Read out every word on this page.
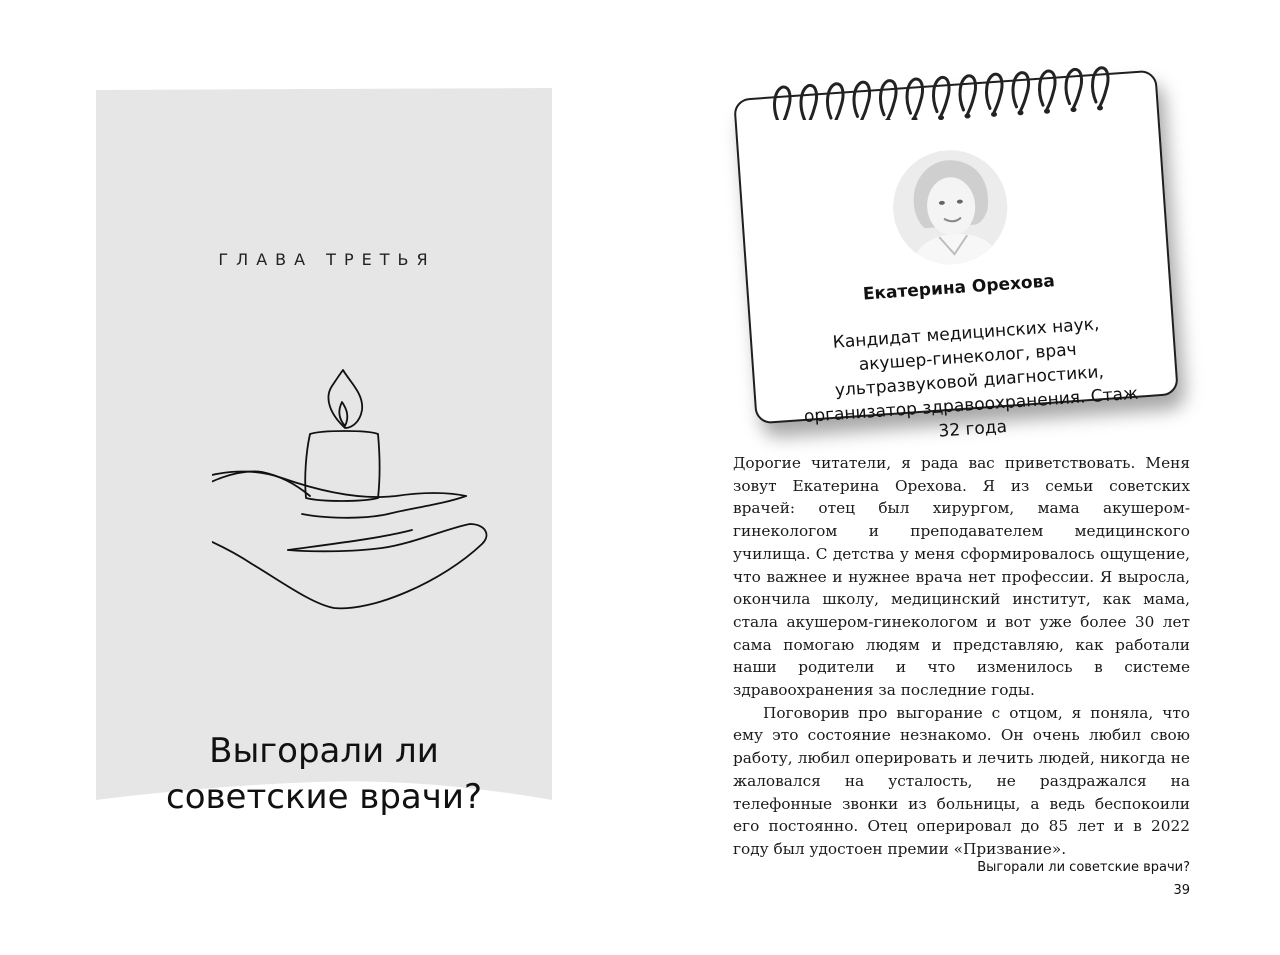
ГЛАВА ТРЕТЬЯ
Выгорали ли советские врачи?
Екатерина Орехова
Кандидат медицинских наук, акушер-гинеколог, врач ультразвуковой диагностики, организатор здравоохранения. Стаж 32 года

Дорогие читатели, я рада вас приветствовать. Меня зовут Екатерина Орехова. Я из семьи советских врачей: отец был хирургом, мама акушером-гинекологом и преподавателем медицинского училища. С детства у меня сформировалось ощущение, что важнее и нужнее врача нет профессии. Я выросла, окончила школу, медицинский институт, как мама, стала акушером-гинекологом и вот уже более 30 лет сама помогаю людям и представляю, как работали наши родители и что изменилось в системе здравоохранения за последние годы.

Поговорив про выгорание с отцом, я поняла, что ему это состояние незнакомо. Он очень любил свою работу, любил оперировать и лечить людей, никогда не жаловался на усталость, не раздражался на телефонные звонки из больницы, а ведь беспокоили его постоянно. Отец оперировал до 85 лет и в 2022 году был удостоен премии «Призвание».

Выгорали ли советские врачи?
39
